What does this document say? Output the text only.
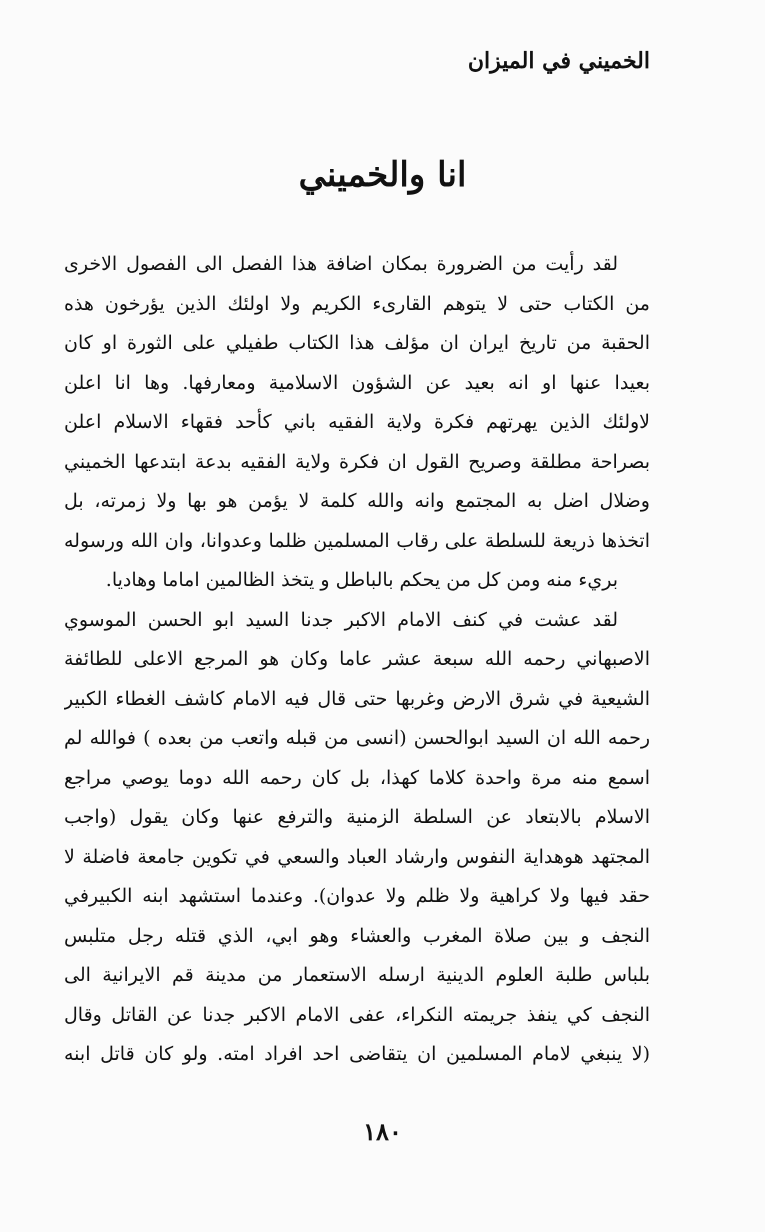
الخميني في الميزان
انا والخميني
لقد رأيت من الضرورة بمكان اضافة هذا الفصل الى الفصول الاخرى
من الكتاب حتى لا يتوهم القارىء الكريم ولا اولئك الذين يؤرخون هذه
الحقبة من تاريخ ايران ان مؤلف هذا الكتاب طفيلي على الثورة او كان
بعيدا عنها او انه بعيد عن الشؤون الاسلامية ومعارفها. وها انا اعلن
لاولئك الذين يهرتهم فكرة ولاية الفقيه باني كأحد فقهاء الاسلام اعلن
بصراحة مطلقة وصريح القول ان فكرة ولاية الفقيه بدعة ابتدعها الخميني
وضلال اضل به المجتمع وانه والله كلمة لا يؤمن هو بها ولا زمرته، بل
اتخذها ذريعة للسلطة على رقاب المسلمين ظلما وعدوانا، وان الله ورسوله
بريء منه ومن كل من يحكم بالباطل و يتخذ الظالمين اماما وهاديا.
لقد عشت في كنف الامام الاكبر جدنا السيد ابو الحسن الموسوي
الاصبهاني رحمه الله سبعة عشر عاما وكان هو المرجع الاعلى للطائفة
الشيعية في شرق الارض وغربها حتى قال فيه الامام كاشف الغطاء الكبير
رحمه الله ان السيد ابوالحسن (انسى من قبله واتعب من بعده ) فوالله لم
اسمع منه مرة واحدة كلاما كهذا، بل كان رحمه الله دوما يوصي مراجع
الاسلام بالابتعاد عن السلطة الزمنية والترفع عنها وكان يقول (واجب
المجتهد هوهداية النفوس وارشاد العباد والسعي في تكوين جامعة فاضلة لا
حقد فيها ولا كراهية ولا ظلم ولا عدوان). وعندما استشهد ابنه الكبيرفي
النجف و بين صلاة المغرب والعشاء وهو ابي، الذي قتله رجل متلبس
بلباس طلبة العلوم الدينية ارسله الاستعمار من مدينة قم الايرانية الى
النجف كي ينفذ جريمته النكراء، عفى الامام الاكبر جدنا عن القاتل وقال
(لا ينبغي لامام المسلمين ان يتقاضى احد افراد امته. ولو كان قاتل ابنه
١٨٠
